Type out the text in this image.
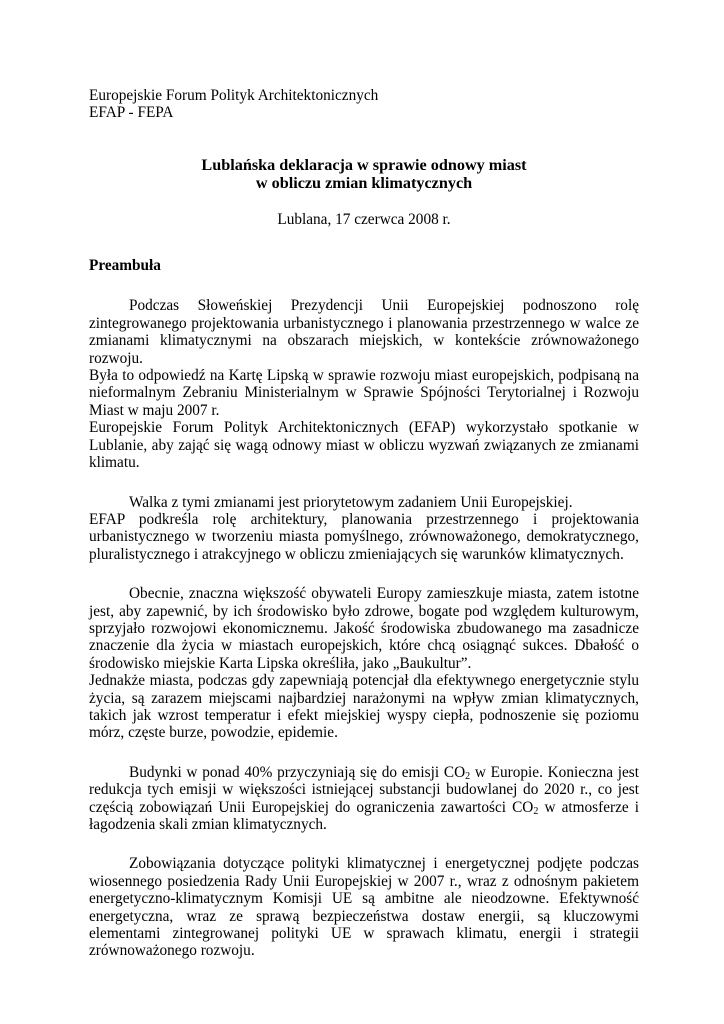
Europejskie Forum Polityk Architektonicznych
EFAP - FEPA
Lublańska deklaracja w sprawie odnowy miast
w obliczu zmian klimatycznych
Lublana, 17 czerwca 2008 r.
Preambuła

Podczas Słoweńskiej Prezydencji Unii Europejskiej podnoszono rolę zintegrowanego projektowania urbanistycznego i planowania przestrzennego w walce ze zmianami klimatycznymi na obszarach miejskich, w kontekście zrównoważonego rozwoju.

Była to odpowiedź na Kartę Lipską w sprawie rozwoju miast europejskich, podpisaną na nieformalnym Zebraniu Ministerialnym w Sprawie Spójności Terytorialnej i Rozwoju Miast w maju 2007 r.

Europejskie Forum Polityk Architektonicznych (EFAP) wykorzystało spotkanie w Lublanie, aby zająć się wagą odnowy miast w obliczu wyzwań związanych ze zmianami klimatu.

Walka z tymi zmianami jest priorytetowym zadaniem Unii Europejskiej.

EFAP podkreśla rolę architektury, planowania przestrzennego i projektowania urbanistycznego w tworzeniu miasta pomyślnego, zrównoważonego, demokratycznego, pluralistycznego i atrakcyjnego w obliczu zmieniających się warunków klimatycznych.

Obecnie, znaczna większość obywateli Europy zamieszkuje miasta, zatem istotne jest, aby zapewnić, by ich środowisko było zdrowe, bogate pod względem kulturowym, sprzyjało rozwojowi ekonomicznemu. Jakość środowiska zbudowanego ma zasadnicze znaczenie dla życia w miastach europejskich, które chcą osiągnąć sukces. Dbałość o środowisko miejskie Karta Lipska określiła, jako „Baukultur”.

Jednakże miasta, podczas gdy zapewniają potencjał dla efektywnego energetycznie stylu życia, są zarazem miejscami najbardziej narażonymi na wpływ zmian klimatycznych, takich jak wzrost temperatur i efekt miejskiej wyspy ciepła, podnoszenie się poziomu mórz, częste burze, powodzie, epidemie.

Budynki w ponad 40% przyczyniają się do emisji $CO_2$ w Europie. Konieczna jest redukcja tych emisji w większości istniejącej substancji budowlanej do 2020 r., co jest częścią zobowiązań Unii Europejskiej do ograniczenia zawartości $CO_2$ w atmosferze i łagodzenia skali zmian klimatycznych.

Zobowiązania dotyczące polityki klimatycznej i energetycznej podjęte podczas wiosennego posiedzenia Rady Unii Europejskiej w 2007 r., wraz z odnośnym pakietem energetyczno-klimatycznym Komisji UE są ambitne ale nieodzowne. Efektywność energetyczna, wraz ze sprawą bezpieczeństwa dostaw energii, są kluczowymi elementami zintegrowanej polityki UE w sprawach klimatu, energii i strategii zrównoważonego rozwoju.
